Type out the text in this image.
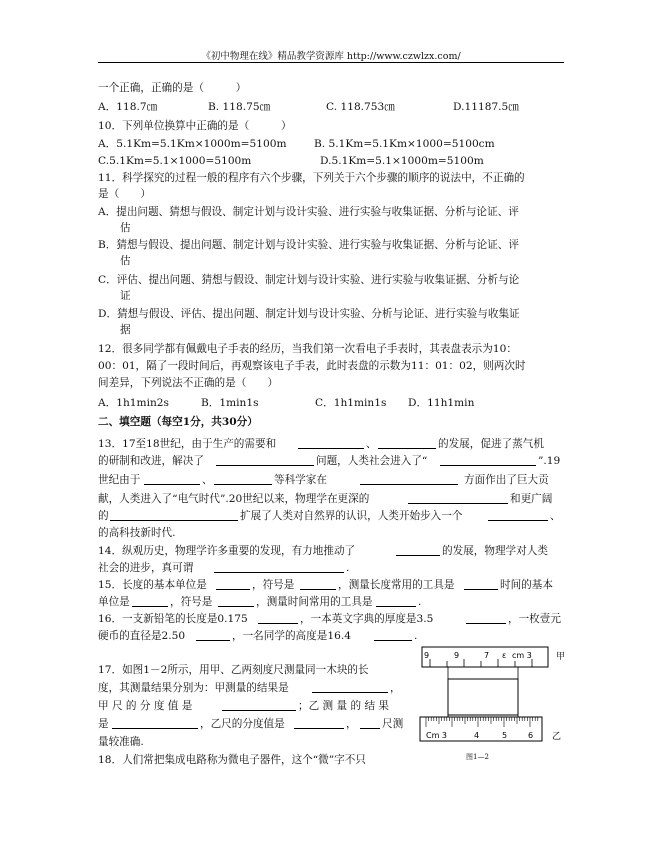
《初中物理在线》精品教学资源库 http://www.czwlzx.com/
一个正确，正确的是（　　　）
A．118.7㎝	B. 118.75㎝	C. 118.753㎝	D.11187.5㎝
10．下列单位换算中正确的是（　　　）
A．5.1Km=5.1Km×1000m=5100m	B. 5.1Km=5.1Km×1000=5100cm
C.5.1Km=5.1×1000=5100m	D.5.1Km=5.1×1000m=5100m
11．科学探究的过程一般的程序有六个步骤，下列关于六个步骤的顺序的说法中，不正确的
是（　　）
A．提出问题、猜想与假设、制定计划与设计实验、进行实验与收集证据、分析与论证、评
估
B．猜想与假设、提出问题、制定计划与设计实验、进行实验与收集证据、分析与论证、评
估
C．评估、提出问题、猜想与假设、制定计划与设计实验、进行实验与收集证据、分析与论
证
D．猜想与假设、评估、提出问题、制定计划与设计实验、分析与论证、进行实验与收集证
据
12．很多同学都有佩戴电子手表的经历，当我们第一次看电子手表时，其表盘表示为10：
00：01，隔了一段时间后，再观察该电子手表，此时表盘的示数为11：01：02，则两次时
间差异，下列说法不正确的是（　　）
A．1h1min2s	B．1min1s	C．1h1min1s D．11h1min
二、填空题（每空1分，共30分）
13．17至18世纪，由于生产的需要和	、	的发展，促进了蒸气机
的研制和改进，解决了	问题，人类社会进入了“	”.19
世纪由于	、	等科学家在	方面作出了巨大贡
献，人类进入了“电气时代”.20世纪以来，物理学在更深的	和更广阔
的	扩展了人类对自然界的认识，人类开始步入一个	、
的高科技新时代.
14．纵观历史，物理学许多重要的发现，有力地推动了	的发展，物理学对人类
社会的进步，真可谓	.
15．长度的基本单位是	，符号是	，测量长度常用的工具是	时间的基本
单位是	，符号是	，测量时间常用的工具是	.
16．一支新铅笔的长度是0.175	，一本英文字典的厚度是3.5	，一枚壹元
硬币的直径是2.50	，一名同学的高度是16.4	.
17．如图1－2所示，用甲、乙两刻度尺测量同一木块的长
度，其测量结果分别为：甲测量的结果是	，
甲 尺 的 分 度 值 是	；乙 测 量 的 结 果
是	，乙尺的分度值是	， 尺测
量较准确.
18．人们常把集成电路称为微电子器件，这个“微”字不只
9	9	7 ε cm 3	甲
Cm 3	4	5	6 乙
图1—2
